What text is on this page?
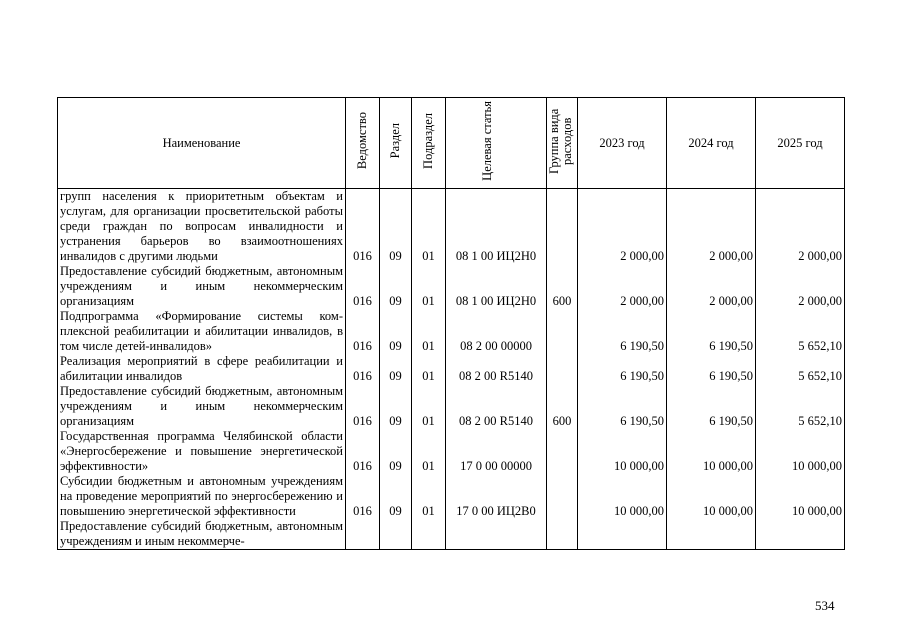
Наименование	Ведомство	Раздел	Подраздел	Целевая статья	Группа вида расходов	2023 год	2024 год	2025 год
групп населения к приоритетным объектам и услугам, для организации просветительской работы среди граждан по вопросам инвалидности и устранения барьеров во взаимоотношениях инвалидов с другими людьми	016	09	01	08 1 00 ИЦ2Н0		2 000,00	2 000,00	2 000,00
Предоставление субсидий бюджетным, автономным учреждениям и иным некоммерческим организациям	016	09	01	08 1 00 ИЦ2Н0	600	2 000,00	2 000,00	2 000,00
Подпрограмма «Формирование системы комплексной реабилитации и абилитации инвалидов, в том числе детей-инвалидов»	016	09	01	08 2 00 00000		6 190,50	6 190,50	5 652,10
Реализация мероприятий в сфере реабилитации и абилитации инвалидов	016	09	01	08 2 00 R5140		6 190,50	6 190,50	5 652,10
Предоставление субсидий бюджетным, автономным учреждениям и иным некоммерческим организациям	016	09	01	08 2 00 R5140	600	6 190,50	6 190,50	5 652,10
Государственная программа Челябинской области «Энергосбережение и повышение энергетической эффективности»	016	09	01	17 0 00 00000		10 000,00	10 000,00	10 000,00
Субсидии бюджетным и автономным учреждениям на проведение мероприятий по энергосбережению и повышению энергетической эффективности	016	09	01	17 0 00 ИЦ2В0		10 000,00	10 000,00	10 000,00
Предоставление субсидий бюджетным, автономным учреждениям и иным некоммерче-								
534
